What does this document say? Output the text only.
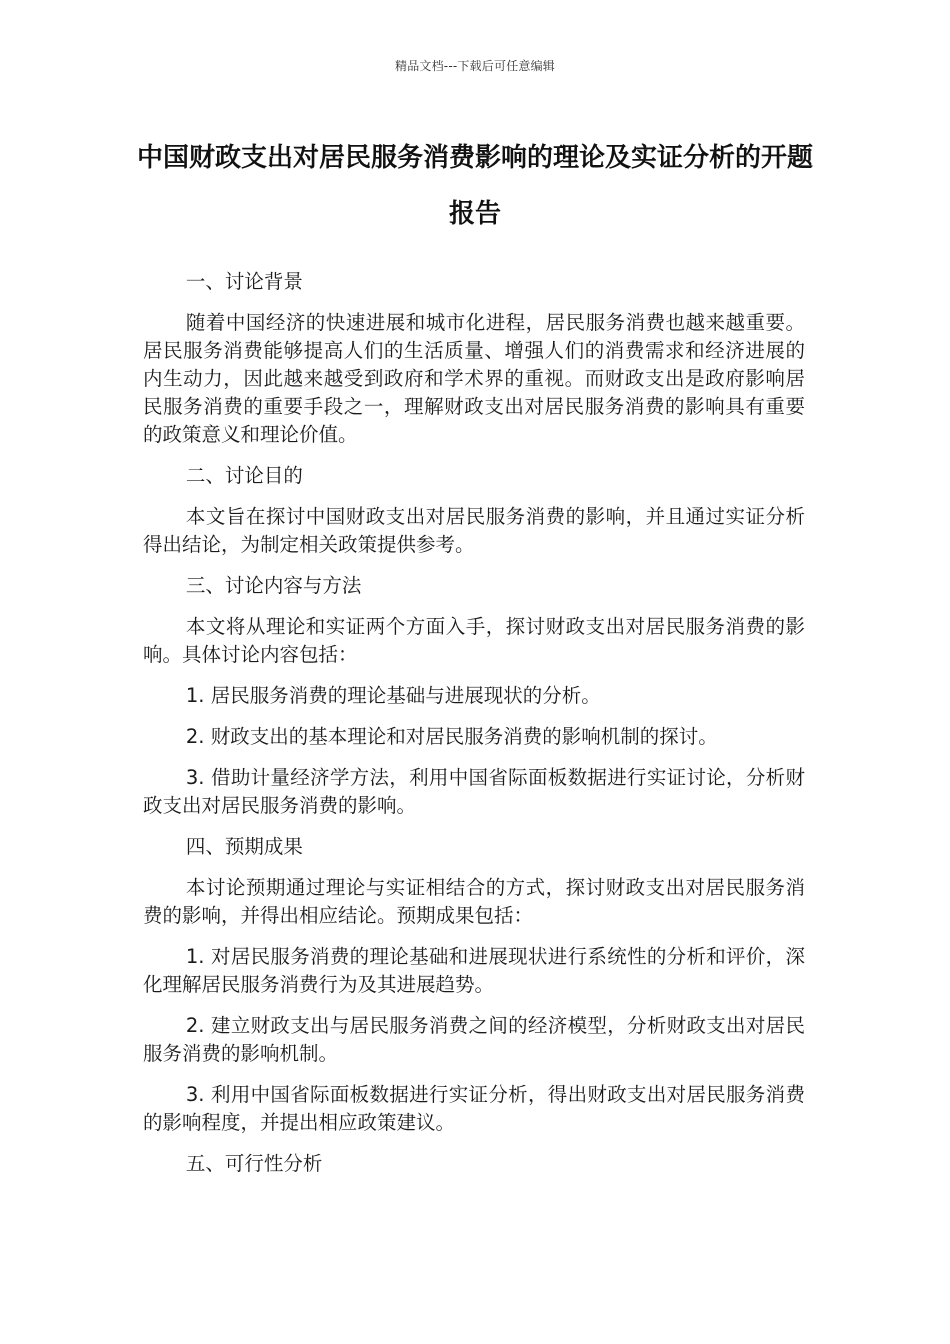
精品文档---下载后可任意编辑
中国财政支出对居民服务消费影响的理论及实证分析的开题报告

一、讨论背景

随着中国经济的快速进展和城市化进程，居民服务消费也越来越重要。居民服务消费能够提高人们的生活质量、增强人们的消费需求和经济进展的内生动力，因此越来越受到政府和学术界的重视。而财政支出是政府影响居民服务消费的重要手段之一，理解财政支出对居民服务消费的影响具有重要的政策意义和理论价值。

二、讨论目的

本文旨在探讨中国财政支出对居民服务消费的影响，并且通过实证分析得出结论，为制定相关政策提供参考。

三、讨论内容与方法

本文将从理论和实证两个方面入手，探讨财政支出对居民服务消费的影响。具体讨论内容包括：

1. 居民服务消费的理论基础与进展现状的分析。

2. 财政支出的基本理论和对居民服务消费的影响机制的探讨。

3. 借助计量经济学方法，利用中国省际面板数据进行实证讨论，分析财政支出对居民服务消费的影响。

四、预期成果

本讨论预期通过理论与实证相结合的方式，探讨财政支出对居民服务消费的影响，并得出相应结论。预期成果包括：

1. 对居民服务消费的理论基础和进展现状进行系统性的分析和评价，深化理解居民服务消费行为及其进展趋势。

2. 建立财政支出与居民服务消费之间的经济模型，分析财政支出对居民服务消费的影响机制。

3. 利用中国省际面板数据进行实证分析，得出财政支出对居民服务消费的影响程度，并提出相应政策建议。

五、可行性分析
